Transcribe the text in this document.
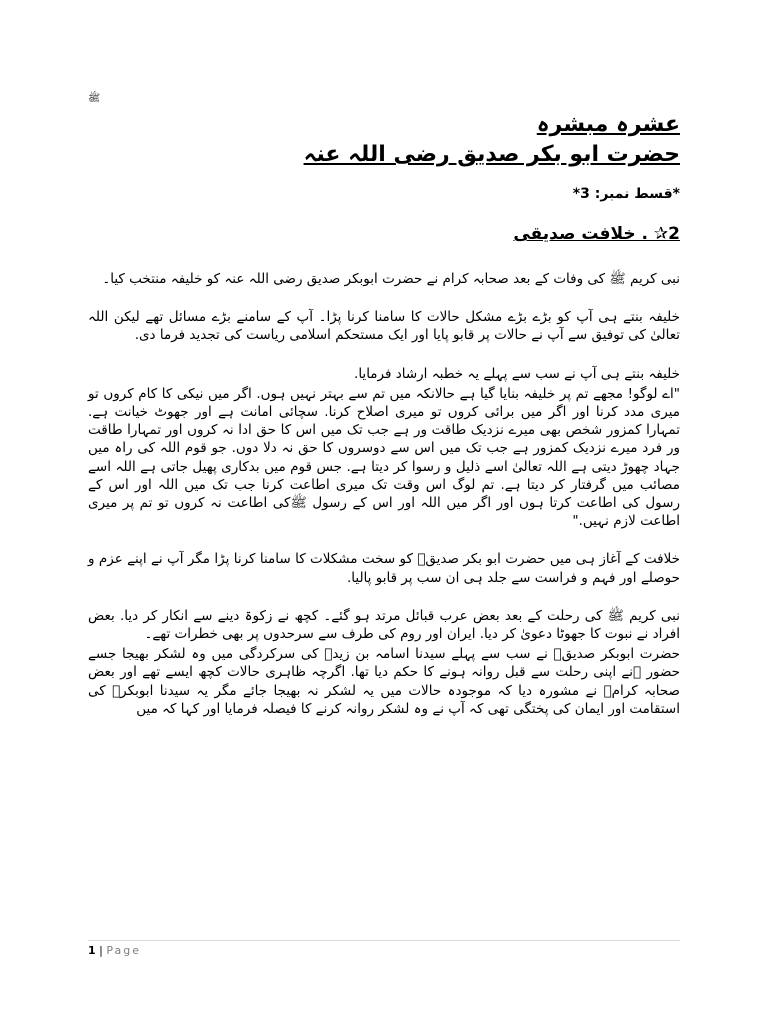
ﷺ
عشرہ مبشرہ
حضرت ابو بکر صدیق رضی اللہ عنہ

*قسط نمبر: 3*

2✰ . خلافت صدیقی

نبی کریم ﷺ کی وفات کے بعد صحابہ کرام نے حضرت ابوبکر صدیق رضی اللہ عنہ کو خلیفہ منتخب کیا۔

خلیفہ بنتے ہی آپ کو بڑے بڑے مشکل حالات کا سامنا کرنا پڑا۔ آپ کے سامنے بڑے مسائل تھے لیکن اللہ تعالیٰ کی توفیق سے آپ نے حالات پر قابو پایا اور ایک مستحکم اسلامی ریاست کی تجدید فرما دی.

خلیفہ بنتے ہی آپ نے سب سے پہلے یہ خطبہ ارشاد فرمایا.

"اے لوگو! مجھے تم پر خلیفہ بنایا گیا ہے حالانکہ میں تم سے بہتر نہیں ہوں. اگر میں نیکی کا کام کروں تو میری مدد کرنا اور اگر میں برائی کروں تو میری اصلاح کرنا. سچائی امانت ہے اور جھوٹ خیانت ہے. تمہارا کمزور شخص بھی میرے نزدیک طاقت ور ہے جب تک میں اس کا حق ادا نہ کروں اور تمہارا طاقت ور فرد میرے نزدیک کمزور ہے جب تک میں اس سے دوسروں کا حق نہ دلا دوں. جو قوم اللہ کی راہ میں جہاد چھوڑ دیتی ہے اللہ تعالیٰ اسے ذلیل و رسوا کر دیتا ہے. جس قوم میں بدکاری پھیل جاتی ہے اللہ اسے مصائب میں گرفتار کر دیتا ہے. تم لوگ اس وقت تک میری اطاعت کرنا جب تک میں اللہ اور اس کے رسول کی اطاعت کرتا ہوں اور اگر میں اللہ اور اس کے رسول ﷺکی اطاعت نہ کروں تو تم پر میری اطاعت لازم نہیں."

خلافت کے آغاز ہی میں حضرت ابو بکر صدیقؓ کو سخت مشکلات کا سامنا کرنا پڑا مگر آپ نے اپنے عزم و حوصلے اور فہم و فراست سے جلد ہی ان سب پر قابو پالیا.

نبی کریم ﷺ کی رحلت کے بعد بعض عرب قبائل مرتد ہو گئے۔ کچھ نے زکوۃ دینے سے انکار کر دیا. بعض افراد نے نبوت کا جھوٹا دعویٰ کر دیا. ایران اور روم کی طرف سے سرحدوں پر بھی خطرات تھے۔

حضرت ابوبکر صدیقؓ نے سب سے پہلے سیدنا اسامہ بن زیدؓ کی سرکردگی میں وہ لشکر بھیجا جسے حضور ﷺنے اپنی رحلت سے قبل روانہ ہونے کا حکم دیا تھا. اگرچہ ظاہری حالات کچھ ایسے تھے اور بعض صحابہ کرامؓ نے مشورہ دیا کہ موجودہ حالات میں یہ لشکر نہ بھیجا جائے مگر یہ سیدنا ابوبکرؓ کی استقامت اور ایمان کی پختگی تھی کہ آپ نے وہ لشکر روانہ کرنے کا فیصلہ فرمایا اور کہا کہ میں

1 | Page
